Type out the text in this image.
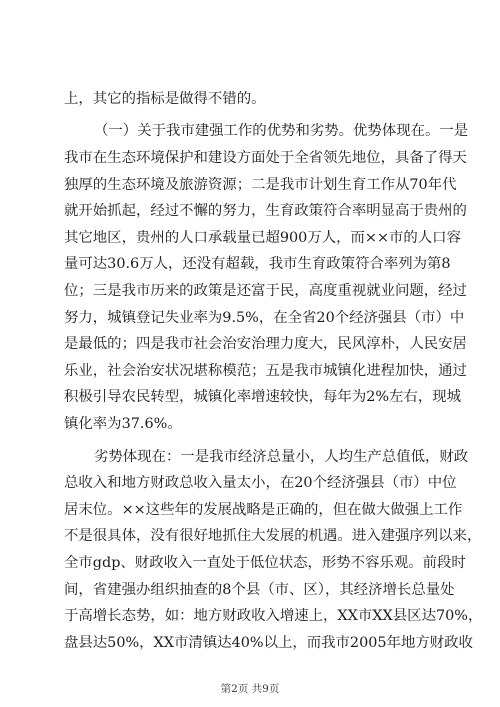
上，其它的指标是做得不错的。
（一）关于我市建强工作的优势和劣势。优势体现在。一是
我市在生态环境保护和建设方面处于全省领先地位，具备了得天
独厚的生态环境及旅游资源；二是我市计划生育工作从70年代
就开始抓起，经过不懈的努力，生育政策符合率明显高于贵州的
其它地区，贵州的人口承载量已超900万人，而××市的人口容
量可达30.6万人，还没有超载，我市生育政策符合率列为第8
位；三是我市历来的政策是还富于民，高度重视就业问题，经过
努力，城镇登记失业率为9.5%，在全省20个经济强县（市）中
是最低的；四是我市社会治安治理力度大，民风淳朴，人民安居
乐业，社会治安状况堪称模范；五是我市城镇化进程加快，通过
积极引导农民转型，城镇化率增速较快，每年为2%左右，现城
镇化率为37.6%。
劣势体现在：一是我市经济总量小，人均生产总值低，财政
总收入和地方财政总收入量太小，在20个经济强县（市）中位
居末位。××这些年的发展战略是正确的，但在做大做强上工作
不是很具体，没有很好地抓住大发展的机遇。进入建强序列以来，
全市gdp、财政收入一直处于低位状态，形势不容乐观。前段时
间，省建强办组织抽查的8个县（市、区），其经济增长总量处
于高增长态势，如：地方财政收入增速上，XX市XX县区达70%，
盘县达50%，XX市清镇达40%以上，而我市2005年地方财政收
第2页 共9页
